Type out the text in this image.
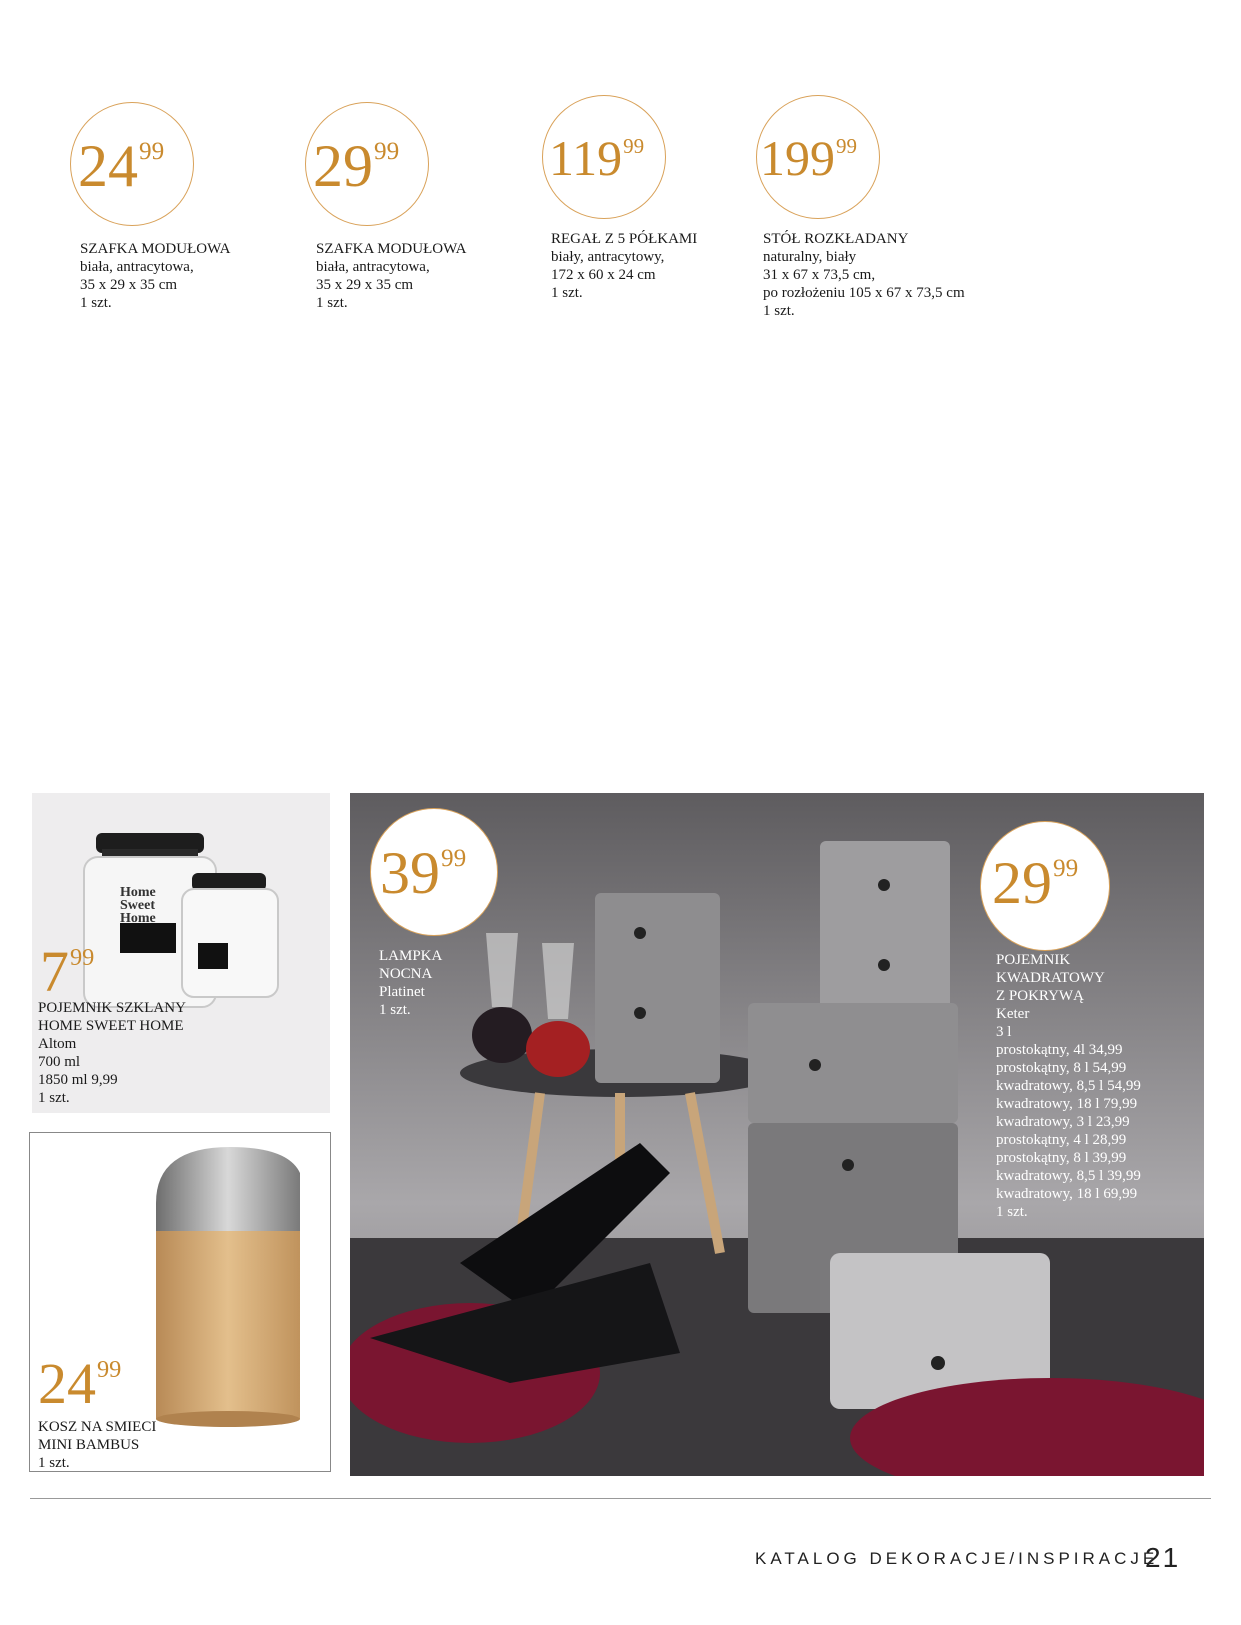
$24^{99}$
SZAFKA MODUŁOWA
biała, antracytowa,
35 x 29 x 35 cm
1 szt.
$29^{99}$
SZAFKA MODUŁOWA
biała, antracytowa,
35 x 29 x 35 cm
1 szt.
$119^{99}$
REGAŁ Z 5 PÓŁKAMI
biały, antracytowy,
172 x 60 x 24 cm
1 szt.
$199^{99}$
STÓŁ ROZKŁADANY
naturalny, biały
31 x 67 x 73,5 cm,
po rozłożeniu 105 x 67 x 73,5 cm
1 szt.
Home
Sweet
Home
$7^{99}$
POJEMNIK SZKLANY
HOME SWEET HOME
Altom
700 ml
1850 ml 9,99
1 szt.
$24^{99}$
KOSZ NA SMIECI
MINI BAMBUS
1 szt.
$39^{99}$
LAMPKA
NOCNA
Platinet
1 szt.
$29^{99}$
POJEMNIK
KWADRATOWY
Z POKRYWĄ
Keter
3 l
prostokątny, 4l 34,99
prostokątny, 8 l 54,99
kwadratowy, 8,5 l 54,99
kwadratowy, 18 l 79,99
kwadratowy, 3 l 23,99
prostokątny, 4 l 28,99
prostokątny, 8 l 39,99
kwadratowy, 8,5 l 39,99
kwadratowy, 18 l 69,99
1 szt.
KATALOG DEKORACJE/INSPIRACJE
21
